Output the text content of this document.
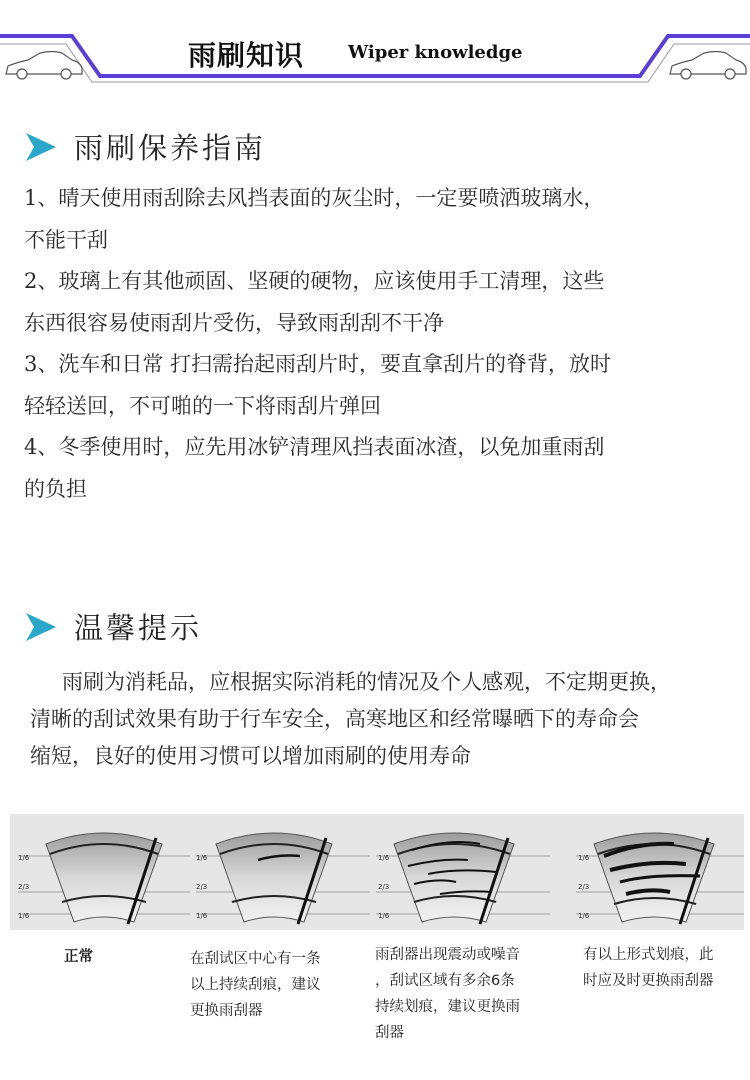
雨刷知识 Wiper knowledge
雨刷保养指南

1、晴天使用雨刮除去风挡表面的灰尘时，一定要喷洒玻璃水，

不能干刮

2、玻璃上有其他顽固、坚硬的硬物，应该使用手工清理，这些

东西很容易使雨刮片受伤，导致雨刮刮不干净

3、洗车和日常 打扫需抬起雨刮片时，要直拿刮片的脊背，放时

轻轻送回，不可啪的一下将雨刮片弹回

4、冬季使用时，应先用冰铲清理风挡表面冰渣，以免加重雨刮

的负担

温馨提示
雨刷为消耗品，应根据实际消耗的情况及个人感观，不定期更换，
清晰的刮试效果有助于行车安全，高寒地区和经常曝晒下的寿命会
缩短，良好的使用习惯可以增加雨刷的使用寿命
1/6
2/3
1/6
1/6
2/3
1/6
1/6
2/3
1/6
1/6
2/3
1/6
正常	在刮试区中心有一条
以上持续刮痕，建议
更换雨刮器
雨刮器出现震动或噪音
，刮试区域有多余6条
持续划痕，建议更换雨
刮器
有以上形式划痕，此
时应及时更换雨刮器
